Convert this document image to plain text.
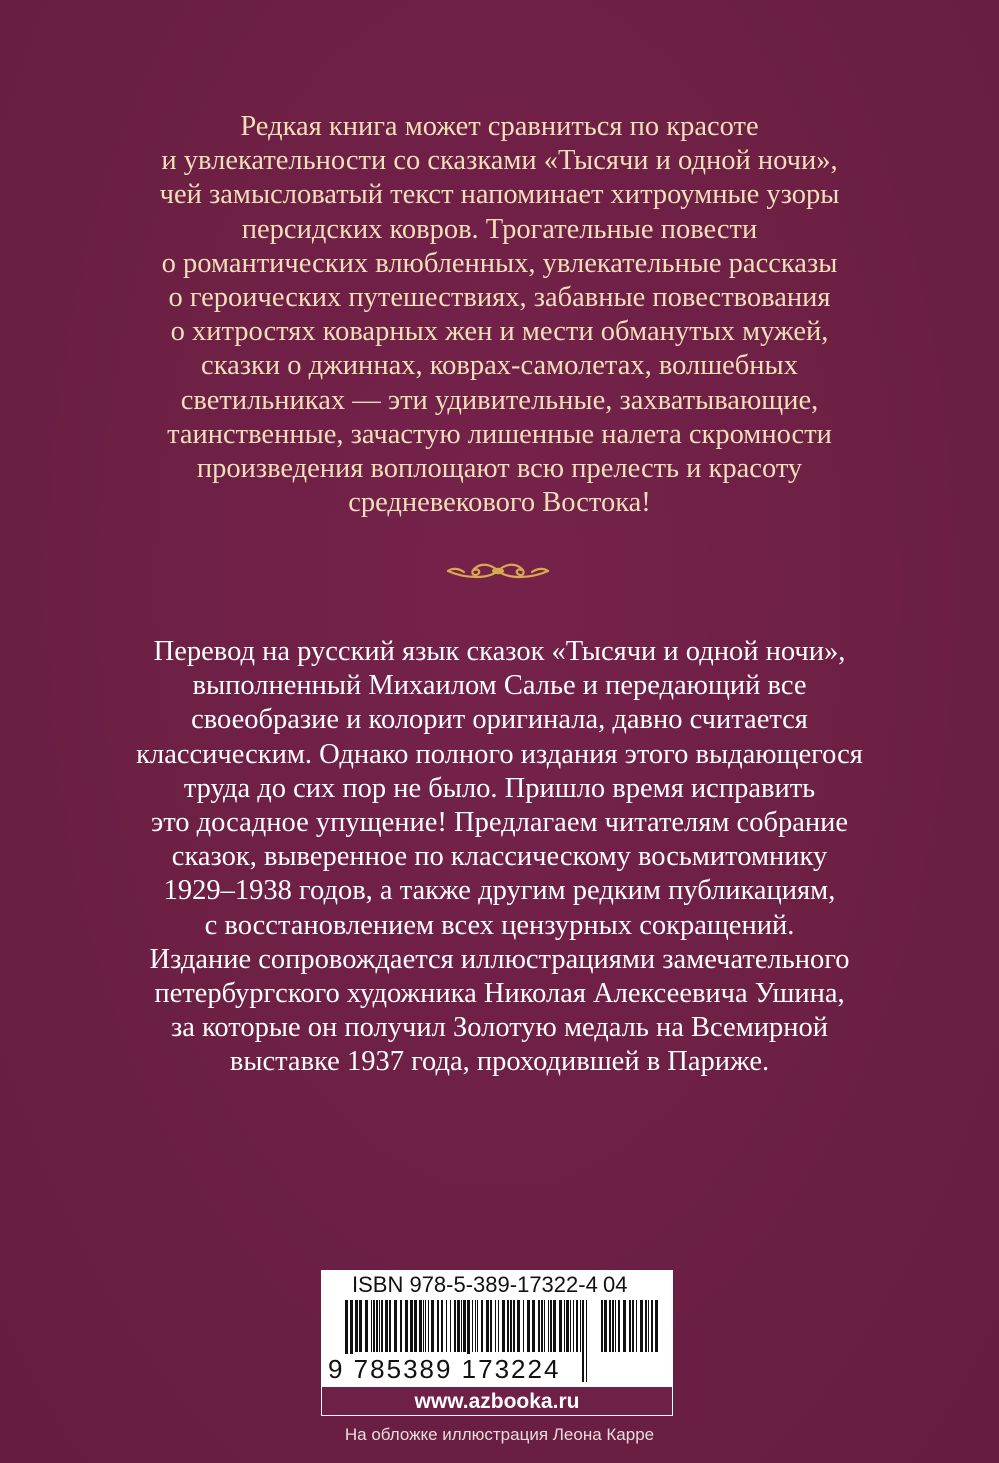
Редкая книга может сравниться по красоте
и увлекательности со сказками «Тысячи и одной ночи»,
чей замысловатый текст напоминает хитроумные узоры
персидских ковров. Трогательные повести
о романтических влюбленных, увлекательные рассказы
о героических путешествиях, забавные повествования
о хитростях коварных жен и мести обманутых мужей,
сказки о джиннах, коврах-самолетах, волшебных
светильниках — эти удивительные, захватывающие,
таинственные, зачастую лишенные налета скромности
произведения воплощают всю прелесть и красоту
средневекового Востока!
Перевод на русский язык сказок «Тысячи и одной ночи»,
выполненный Михаилом Салье и передающий все
своеобразие и колорит оригинала, давно считается
классическим. Однако полного издания этого выдающегося
труда до сих пор не было. Пришло время исправить
это досадное упущение! Предлагаем читателям собрание
сказок, выверенное по классическому восьмитомнику
1929–1938 годов, а также другим редким публикациям,
с восстановлением всех цензурных сокращений.
Издание сопровождается иллюстрациями замечательного
петербургского художника Николая Алексеевича Ушина,
за которые он получил Золотую медаль на Всемирной
выставке 1937 года, проходившей в Париже.
ISBN 978-5-389-17322-4 04
9 785389 173224
www.azbooka.ru
На обложке иллюстрация Леона Карре
